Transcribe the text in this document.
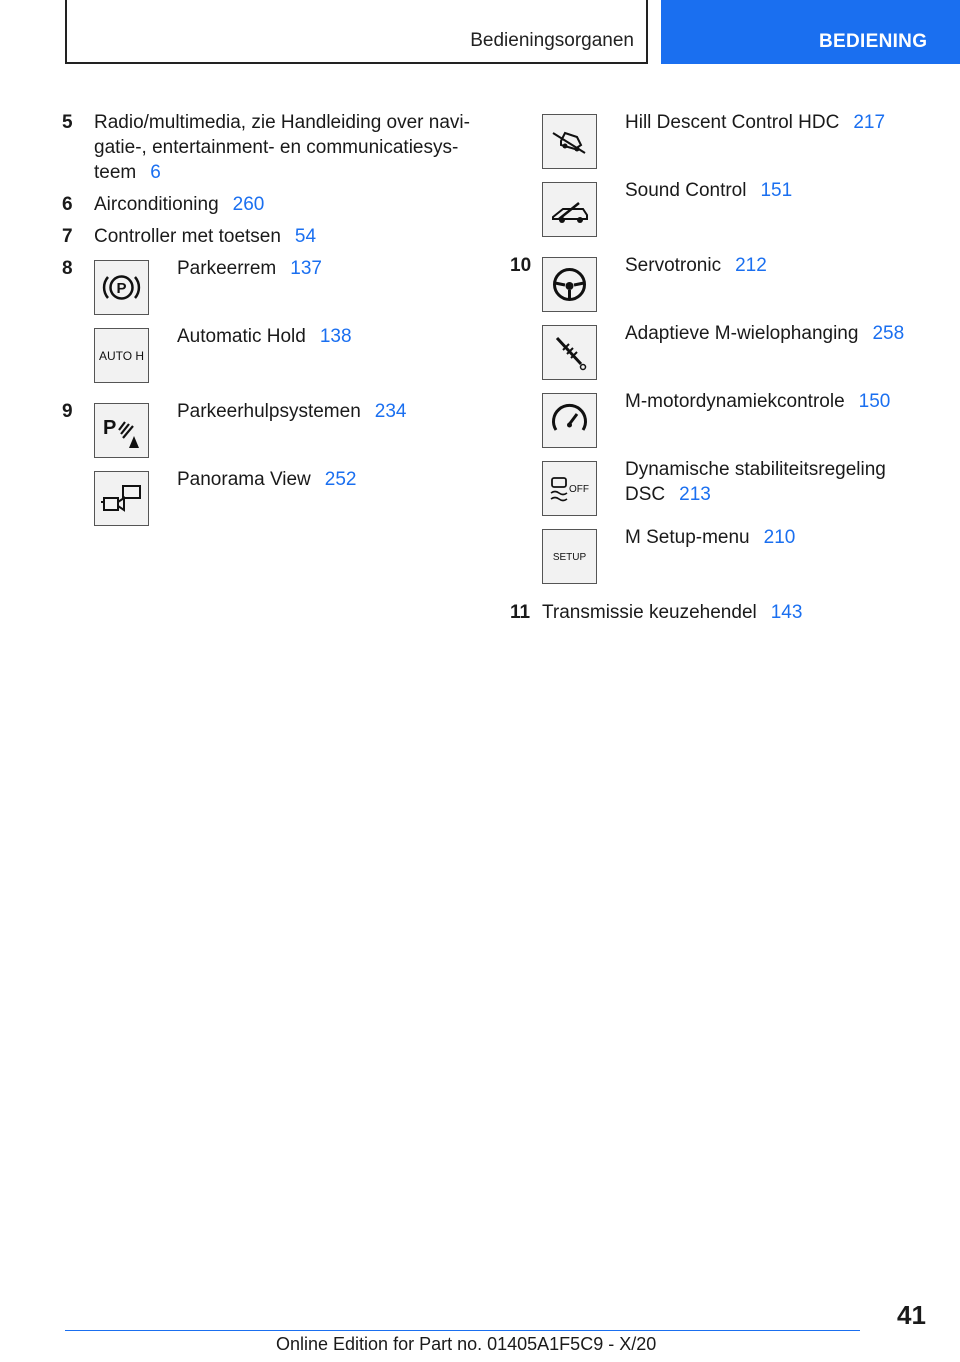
Bedieningsorganen	BEDIENING
5 Radio/multimedia, zie Handleiding over navi-gatie-, entertainment- en communicatiesys-teem 6
6 Airconditioning 260
7 Controller met toetsen 54
8
P
Parkeerrem 137
AUTO H
Automatic Hold 138
9
P
Parkeerhulpsystemen 234
Panorama View 252
Hill Descent Control HDC 217
Sound Control 151
10	Servotronic 212
Adaptieve M-wielophanging 258
M-motordynamiekcontrole 150
OFF
Dynamische stabiliteitsregeling DSC 213
SETUP
M Setup-menu 210
11 Transmissie keuzehendel 143
41
Online Edition for Part no. 01405A1F5C9 - X/20
